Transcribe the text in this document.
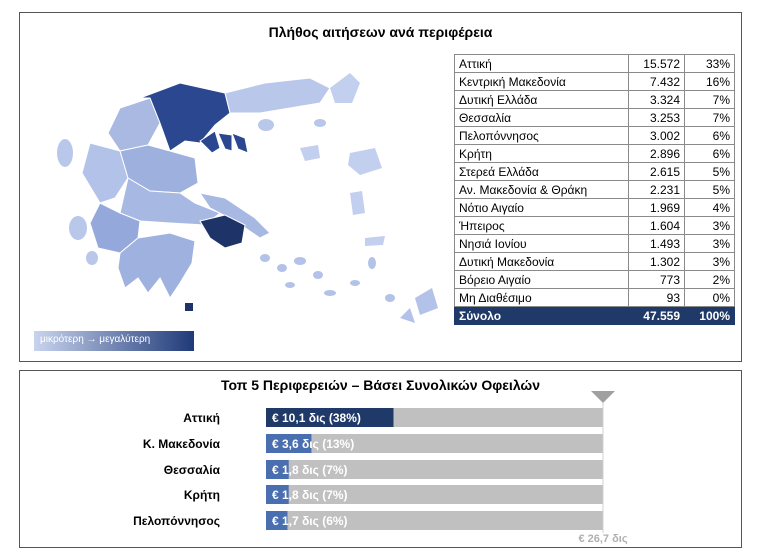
Πλήθος αιτήσεων ανά περιφέρεια
μικρότερη → μεγαλύτερη
Αττική	15.572	33%
Κεντρική Μακεδονία	7.432	16%
Δυτική Ελλάδα	3.324	7%
Θεσσαλία	3.253	7%
Πελοπόννησος	3.002	6%
Κρήτη	2.896	6%
Στερεά Ελλάδα	2.615	5%
Αν. Μακεδονία & Θράκη	2.231	5%
Νότιο Αιγαίο	1.969	4%
Ήπειρος	1.604	3%
Νησιά Ιονίου	1.493	3%
Δυτική Μακεδονία	1.302	3%
Βόρειο Αιγαίο	773	2%
Μη Διαθέσιμο	93	0%
Σύνολο	47.559	100%
Τοπ 5 Περιφερειών – Βάσει Συνολικών Οφειλών
Αττική	€ 10,1 δις (38%)
Κ. Μακεδονία	€ 3,6 δις (13%)
Θεσσαλία	€ 1,8 δις (7%)
Κρήτη	€ 1,8 δις (7%)
Πελοπόννησος	€ 1,7 δις (6%)
€ 26,7 δις
